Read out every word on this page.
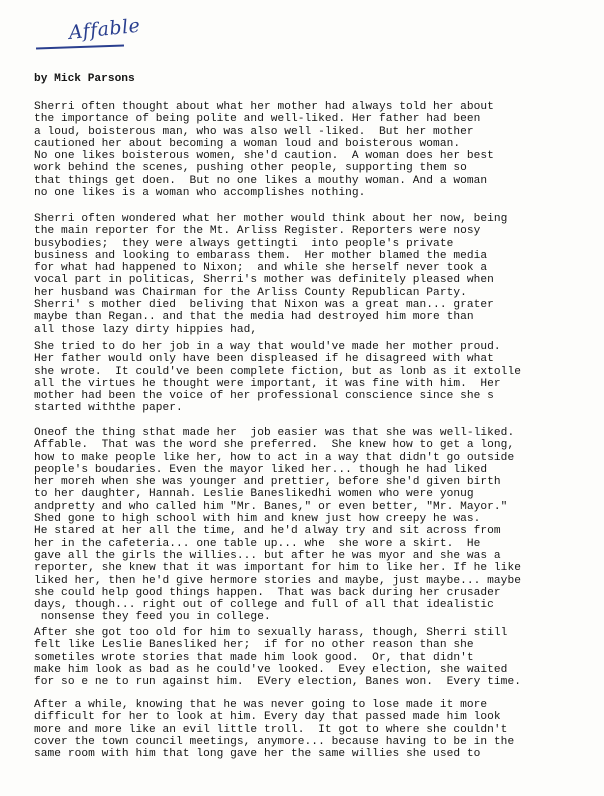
Affable
by Mick Parsons
Sherri often thought about what her mother had always told her about
the importance of being polite and well-liked. Her father had been
a loud, boisterous man, who was also well -liked.  But her mother
cautioned her about becoming a woman loud and boisterous woman.
No one likes boisterous women, she'd caution.  A woman does her best
work behind the scenes, pushing other people, supporting them so
that things get doen.  But no one likes a mouthy woman. And a woman
no one likes is a woman who accomplishes nothing.
Sherri often wondered what her mother would think about her now, being
the main reporter for the Mt. Arliss Register. Reporters were nosy
busybodies;  they were always gettingti  into people's private
business and looking to embarass them.  Her mother blamed the media
for what had happened to Nixon;  and while she herself never took a
vocal part in politicas, Sherri's mother was definitely pleased when
her husband was Chairman for the Arliss County Republican Party.
Sherri' s mother died  beliving that Nixon was a great man... grater
maybe than Regan.. and that the media had destroyed him more than
all those lazy dirty hippies had,
She tried to do her job in a way that would've made her mother proud.
Her father would only have been displeased if he disagreed with what
she wrote.  It could've been complete fiction, but as lonb as it extolle
all the virtues he thought were important, it was fine with him.  Her
mother had been the voice of her professional conscience since she s
started withthe paper.
Oneof the thing sthat made her  job easier was that she was well-liked.
Affable.  That was the word she preferred.  She knew how to get a long,
how to make people like her, how to act in a way that didn't go outside
people's boudaries. Even the mayor liked her... though he had liked
her moreh when she was younger and prettier, before she'd given birth
to her daughter, Hannah. Leslie Baneslikedhi women who were yonug
andpretty and who called him "Mr. Banes," or even better, "Mr. Mayor."
Shed gone to high school with him and knew just how creepy he was.
He stared at her all the time, and he'd alway try and sit across from
her in the cafeteria... one table up... whe  she wore a skirt.  He
gave all the girls the willies... but after he was myor and she was a
reporter, she knew that it was important for him to like her. If he like
liked her, then he'd give hermore stories and maybe, just maybe... maybe
she could help good things happen.  That was back during her crusader
days, though... right out of college and full of all that idealistic
nonsense they feed you in college.
After she got too old for him to sexually harass, though, Sherri still
felt like Leslie Banesliked her;  if for no other reason than she
sometiles wrote stories that made him look good.  Or, that didn't
make him look as bad as he could've looked.  Evey election, she waited
for so e ne to run against him.  EVery election, Banes won.  Every time.
After a while, knowing that he was never going to lose made it more
difficult for her to look at him. Every day that passed made him look
more and more like an evil little troll.  It got to where she couldn't
cover the town council meetings, anymore... because having to be in the
same room with him that long gave her the same willies she used to
